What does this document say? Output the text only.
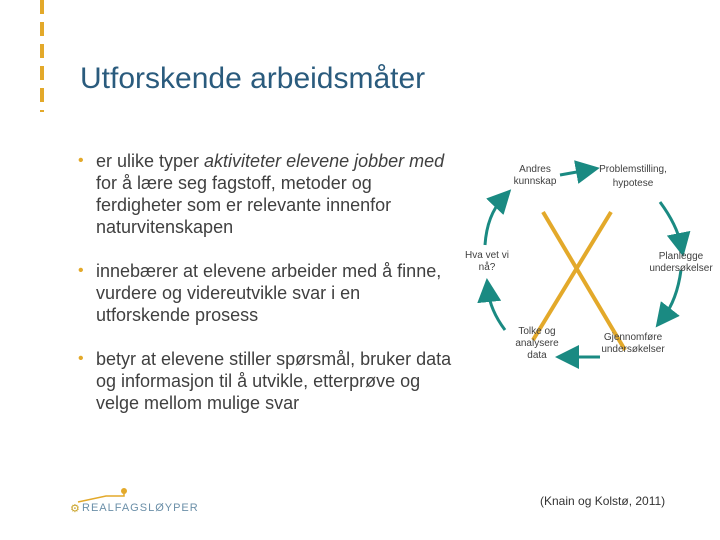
Utforskende arbeidsmåter
• er ulike typer aktiviteter elevene jobber med for å lære seg fagstoff, metoder og ferdigheter som er relevante innenfor naturvitenskapen
• innebærer at elevene arbeider med å finne, vurdere og videreutvikle svar i en utforskende prosess
• betyr at elevene stiller spørsmål, bruker data og informasjon til å utvikle, etterprøve og velge mellom mulige svar
Andres kunnskap
Problemstilling, hypotese
Planlegge undersøkelser
Gjennomføre undersøkelser
Tolke og analysere data
Hva vet vi nå?
⚙ REALFAGSLØYPER	(Knain og Kolstø, 2011)
